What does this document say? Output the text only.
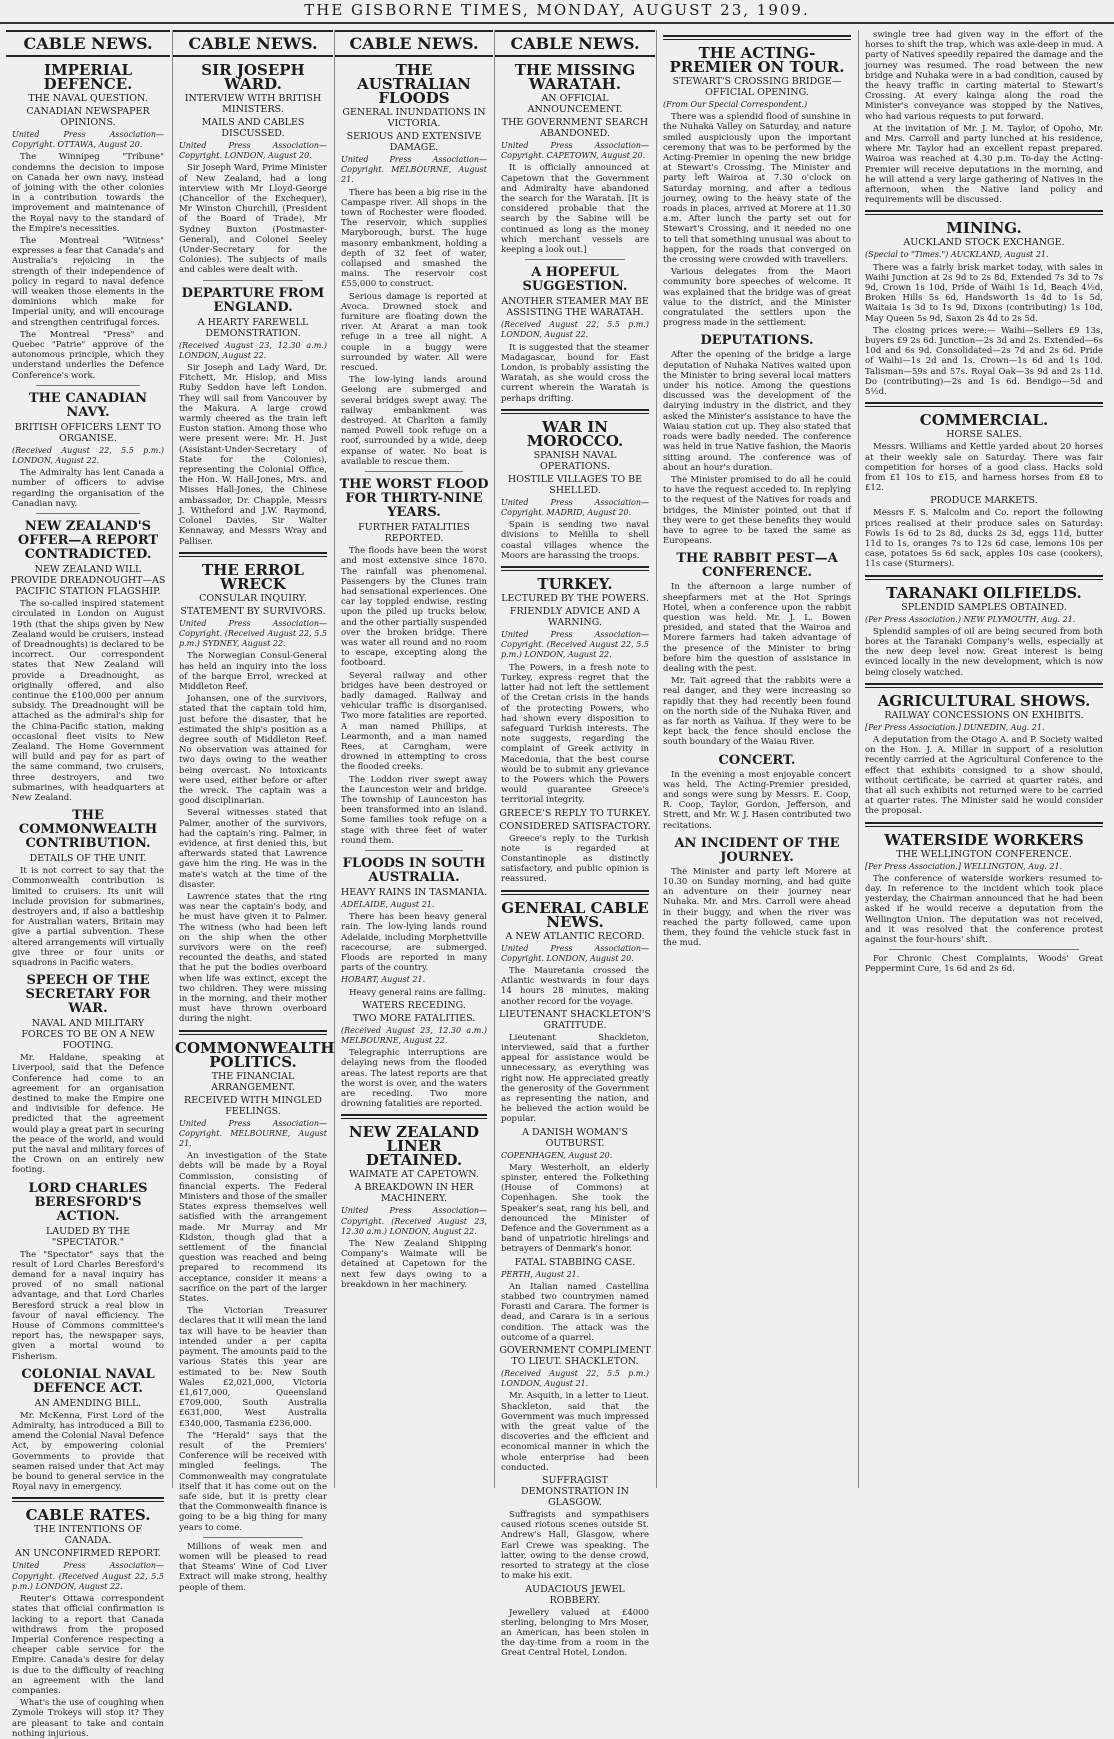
THE GISBORNE TIMES, MONDAY, AUGUST 23, 1909.
CABLE NEWS.
IMPERIAL DEFENCE.
THE NAVAL QUESTION.
CANADIAN NEWSPAPER OPINIONS.

United Press Association—Copyright. OTTAWA, August 20.

The Winnipeg "Tribune" condemns the decision to impose on Canada her own navy, instead of joining with the other colonies in a contribution towards the improvement and maintenance of the Royal navy to the standard of the Empire's necessities.

The Montreal "Witness" expresses a fear that Canada's and Australia's rejoicing in the strength of their independence of policy in regard to naval defence will weaken those elements in the dominions which make for Imperial unity, and will encourage and strengthen centrifugal forces.

The Montreal "Press" and Quebec "Patrie" approve of the autonomous principle, which they understand underlies the Defence Conference's work.

THE CANADIAN NAVY.
BRITISH OFFICERS LENT TO ORGANISE.

(Received August 22, 5.5 p.m.) LONDON, August 22.

The Admiralty has lent Canada a number of officers to advise regarding the organisation of the Canadian navy.

NEW ZEALAND'S OFFER—A REPORT CONTRADICTED.
NEW ZEALAND WILL PROVIDE DREADNOUGHT—AS PACIFIC STATION FLAGSHIP.

The so-called inspired statement circulated in London on August 19th (that the ships given by New Zealand would be cruisers, instead of Dreadnoughts) is declared to be incorrect. Our correspondent states that New Zealand will provide a Dreadnought, as originally offered, and also continue the £100,000 per annum subsidy. The Dreadnought will be attached as the admiral's ship for the China-Pacific station, making occasional fleet visits to New Zealand. The Home Government will build and pay for as part of the same command, two cruisers, three destroyers, and two submarines, with headquarters at New Zealand.

THE COMMONWEALTH CONTRIBUTION.
DETAILS OF THE UNIT.

It is not correct to say that the Commonwealth contribution is limited to cruisers. Its unit will include provision for submarines, destroyers and, if also a battleship for Australian waters, Britain may give a partial subvention. These altered arrangements will virtually give three or four units or squadrons in Pacific waters.

SPEECH OF THE SECRETARY FOR WAR.
NAVAL AND MILITARY FORCES TO BE ON A NEW FOOTING.

Mr. Haldane, speaking at Liverpool, said that the Defence Conference had come to an agreement for an organisation destined to make the Empire one and indivisible for defence. He predicted that the agreement would play a great part in securing the peace of the world, and would put the naval and military forces of the Crown on an entirely new footing.

LORD CHARLES BERESFORD'S ACTION.
LAUDED BY THE "SPECTATOR."

The "Spectator" says that the result of Lord Charles Beresford's demand for a naval inquiry has proved of no small national advantage, and that Lord Charles Beresford struck a real blow in favour of naval efficiency. The House of Commons committee's report has, the newspaper says, given a mortal wound to Fisherism.

COLONIAL NAVAL DEFENCE ACT.
AN AMENDING BILL.

Mr. McKenna, First Lord of the Admiralty, has introduced a Bill to amend the Colonial Naval Defence Act, by empowering colonial Governments to provide that seamen raised under that Act may be bound to general service in the Royal navy in emergency.

CABLE RATES.
THE INTENTIONS OF CANADA.
AN UNCONFIRMED REPORT.

United Press Association—Copyright. (Received August 22, 5.5 p.m.) LONDON, August 22.

Reuter's Ottawa correspondent states that official confirmation is lacking to a report that Canada withdraws from the proposed Imperial Conference respecting a cheaper cable service for the Empire. Canada's desire for delay is due to the difficulty of reaching an agreement with the land companies.

What's the use of coughing when Zymole Trokeys will stop it? They are pleasant to take and contain nothing injurious.

CABLE NEWS.
SIR JOSEPH WARD.
INTERVIEW WITH BRITISH MINISTERS.
MAILS AND CABLES DISCUSSED.

United Press Association—Copyright. LONDON, August 20.

Sir Joseph Ward, Prime Minister of New Zealand, had a long interview with Mr Lloyd-George (Chancellor of the Exchequer), Mr Winston Churchill, (President of the Board of Trade), Mr Sydney Buxton (Postmaster-General), and Colonel Seeley (Under-Secretary for the Colonies). The subjects of mails and cables were dealt with.

DEPARTURE FROM ENGLAND.
A HEARTY FAREWELL DEMONSTRATION.

(Received August 23, 12.30 a.m.) LONDON, August 22.

Sir Joseph and Lady Ward, Dr. Fitchett, Mr. Hislop, and Miss Ruby Seddon have left London. They will sail from Vancouver by the Makura. A large crowd warmly cheered as the train left Euston station. Among those who were present were: Mr. H. Just (Assistant-Under-Secretary of State for the Colonies), representing the Colonial Office, the Hon. W. Hall-Jones, Mrs. and Misses Hall-Jones, the Chinese ambassador, Dr. Chapple, Messrs J. Witheford and J.W. Raymond, Colonel Davies, Sir Walter Kennaway, and Messrs Wray and Palliser.

THE ERROL WRECK
CONSULAR INQUIRY.
STATEMENT BY SURVIVORS.

United Press Association—Copyright. (Received August 22, 5.5 p.m.) SYDNEY, August 22.

The Norwegian Consul-General has held an inquiry into the loss of the barque Errol, wrecked at Middleton Reef.

Johansen, one of the survivors, stated that the captain told him, just before the disaster, that he estimated the ship's position as a degree south of Middleton Reef. No observation was attained for two days owing to the weather being overcast. No intoxicants were used, either before or after the wreck. The captain was a good disciplinarian.

Several witnesses stated that Palmer, another of the survivors, had the captain's ring. Palmer, in evidence, at first denied this, but afterwards stated that Lawrence gave him the ring. He was in the mate's watch at the time of the disaster.

Lawrence states that the ring was near the captain's body, and he must have given it to Palmer. The witness (who had been left on the ship when the other survivors were on the reef) recounted the deaths, and stated that he put the bodies overboard when life was extinct, except the two children. They were missing in the morning, and their mother must have thrown overboard during the night.

COMMONWEALTH POLITICS.
THE FINANCIAL ARRANGEMENT.
RECEIVED WITH MINGLED FEELINGS.

United Press Association—Copyright. MELBOURNE, August 21.

An investigation of the State debts will be made by a Royal Commission, consisting of financial experts. The Federal Ministers and those of the smaller States express themselves well satisfied with the arrangement made. Mr Murray and Mr Kidston, though glad that a settlement of the financial question was reached and being prepared to recommend its acceptance, consider it means a sacrifice on the part of the larger States.

The Victorian Treasurer declares that it will mean the land tax will have to be heavier than intended under a per capita payment. The amounts paid to the various States this year are estimated to be: New South Wales £2,021,000, Victoria £1,617,000, Queensland £709,000, South Australia £631,000, West Australia £340,000, Tasmania £236,000.

The "Herald" says that the result of the Premiers' Conference will be received with mingled feelings. The Commonwealth may congratulate itself that it has come out on the safe side, but it is pretty clear that the Commonwealth finance is going to be a big thing for many years to come.

Millions of weak men and women will be pleased to read that Steams' Wine of Cod Liver Extract will make strong, healthy people of them.

CABLE NEWS.
THE AUSTRALIAN FLOODS
GENERAL INUNDATIONS IN VICTORIA.
SERIOUS AND EXTENSIVE DAMAGE.

United Press Association—Copyright. MELBOURNE, August 21.

There has been a big rise in the Campaspe river. All shops in the town of Rochester were flooded. The reservoir, which supplies Maryborough, burst. The huge masonry embankment, holding a depth of 32 feet of water, collapsed and smashed the mains. The reservoir cost £55,000 to construct.

Serious damage is reported at Avoca. Drowned stock and furniture are floating down the river. At Ararat a man took refuge in a tree all night. A couple in a buggy were surrounded by water. All were rescued.

The low-lying lands around Geelong are submerged and several bridges swept away. The railway embankment was destroyed. At Charlton a family named Powell took refuge on a roof, surrounded by a wide, deep expanse of water. No boat is available to rescue them.

THE WORST FLOOD FOR THIRTY-NINE YEARS.
FURTHER FATALITIES REPORTED.

The floods have been the worst and most extensive since 1870. The rainfall was phenomenal. Passengers by the Clunes train had sensational experiences. One car lay toppled endwise, resting upon the piled up trucks below, and the other partially suspended over the broken bridge. There was water all round and no room to escape, excepting along the footboard.

Several railway and other bridges have been destroyed or badly damaged. Railway and vehicular traffic is disorganised. Two more fatalities are reported. A man named Phillips, at Learmonth, and a man named Rees, at Carngham, were drowned in attempting to cross the flooded creeks.

The Loddon river swept away the Launceston weir and bridge. The township of Launceston has been transformed into an island. Some families took refuge on a stage with three feet of water round them.

FLOODS IN SOUTH AUSTRALIA.
HEAVY RAINS IN TASMANIA.

ADELAIDE, August 21.

There has been heavy general rain. The low-lying lands round Adelaide, including Morphettville racecourse, are submerged. Floods are reported in many parts of the country.

HOBART, August 21.

Heavy general rains are falling.

WATERS RECEDING.
TWO MORE FATALITIES.

(Received August 23, 12.30 a.m.) MELBOURNE, August 22.

Telegraphic interruptions are delaying news from the flooded areas. The latest reports are that the worst is over, and the waters are receding. Two more drowning fatalities are reported.

NEW ZEALAND LINER DETAINED.
WAIMATE AT CAPETOWN.
A BREAKDOWN IN HER MACHINERY.

United Press Association—Copyright. (Received August 23, 12.30 a.m.) LONDON, August 22.

The New Zealand Shipping Company's Waimate will be detained at Capetown for the next few days owing to a breakdown in her machinery.

CABLE NEWS.
THE MISSING WARATAH.
AN OFFICIAL ANNOUNCEMENT.
THE GOVERNMENT SEARCH ABANDONED.

United Press Association—Copyright. CAPETOWN, August 20.

It is officially announced at Capetown that the Government and Admiralty have abandoned the search for the Waratah. [It is considered probable that the search by the Sabine will be continued as long as the money which merchant vessels are keeping a look out.]

A HOPEFUL SUGGESTION.
ANOTHER STEAMER MAY BE ASSISTING THE WARATAH.

(Received August 22, 5.5 p.m.) LONDON, August 22.

It is suggested that the steamer Madagascar, bound for East London, is probably assisting the Waratah, as she would cross the current wherein the Waratah is perhaps drifting.

WAR IN MOROCCO.
SPANISH NAVAL OPERATIONS.
HOSTILE VILLAGES TO BE SHELLED.

United Press Association—Copyright. MADRID, August 20.

Spain is sending two naval divisions to Melilla to shell coastal villages whence the Moors are harassing the troops.

TURKEY.
LECTURED BY THE POWERS.
FRIENDLY ADVICE AND A WARNING.

United Press Association—Copyright. (Received August 22, 5.5 p.m.) LONDON, August 22.

The Powers, in a fresh note to Turkey, express regret that the latter had not left the settlement of the Cretan crisis in the hands of the protecting Powers, who had shown every disposition to safeguard Turkish interests. The note suggests, regarding the complaint of Greek activity in Macedonia, that the best course would be to submit any grievance to the Powers which the Powers would guarantee Greece's territorial integrity.

GREECE'S REPLY TO TURKEY.
CONSIDERED SATISFACTORY.

Greece's reply to the Turkish note is regarded at Constantinople as distinctly satisfactory, and public opinion is reassured.

GENERAL CABLE NEWS.
A NEW ATLANTIC RECORD.

United Press Association—Copyright. LONDON, August 20.

The Mauretania crossed the Atlantic westwards in four days 14 hours 28 minutes, making another record for the voyage.

LIEUTENANT SHACKLETON'S GRATITUDE.

Lieutenant Shackleton, interviewed, said that a further appeal for assistance would be unnecessary, as everything was right now. He appreciated greatly the generosity of the Government as representing the nation, and he believed the action would be popular.

A DANISH WOMAN'S OUTBURST.

COPENHAGEN, August 20.

Mary Westerholt, an elderly spinster, entered the Folkething (House of Commons) at Copenhagen. She took the Speaker's seat, rang his bell, and denounced the Minister of Defence and the Government as a band of unpatriotic hirelings and betrayers of Denmark's honor.

FATAL STABBING CASE.

PERTH, August 21.

An Italian named Castellina stabbed two countrymen named Forasti and Carara. The former is dead, and Carara is in a serious condition. The attack was the outcome of a quarrel.

GOVERNMENT COMPLIMENT TO LIEUT. SHACKLETON.

(Received August 22, 5.5 p.m.) LONDON, August 21.

Mr. Asquith, in a letter to Lieut. Shackleton, said that the Government was much impressed with the great value of the discoveries and the efficient and economical manner in which the whole enterprise had been conducted.

SUFFRAGIST DEMONSTRATION IN GLASGOW.

Suffragists and sympathisers caused riotous scenes outside St. Andrew's Hall, Glasgow, where Earl Crewe was speaking. The latter, owing to the dense crowd, resorted to strategy at the close to make his exit.

AUDACIOUS JEWEL ROBBERY.

Jewellery valued at £4000 sterling, belonging to Mrs Moser, an American, has been stolen in the day-time from a room in the Great Central Hotel, London.

THE ACTING-PREMIER ON TOUR.
STEWART'S CROSSING BRIDGE—OFFICIAL OPENING.

(From Our Special Correspondent.)

There was a splendid flood of sunshine in the Nuhaka Valley on Saturday, and nature smiled auspiciously upon the important ceremony that was to be performed by the Acting-Premier in opening the new bridge at Stewart's Crossing. The Minister and party left Wairoa at 7.30 o'clock on Saturday morning, and after a tedious journey, owing to the heavy state of the roads in places, arrived at Morere at 11.30 a.m. After lunch the party set out for Stewart's Crossing, and it needed no one to tell that something unusual was about to happen, for the roads that converged on the crossing were crowded with travellers.

Various delegates from the Maori community bore speeches of welcome. It was explained that the bridge was of great value to the district, and the Minister congratulated the settlers upon the progress made in the settlement.

DEPUTATIONS.

After the opening of the bridge a large deputation of Nuhaka Natives waited upon the Minister to bring several local matters under his notice. Among the questions discussed was the development of the dairying industry in the district, and they asked the Minister's assistance to have the Waiau station cut up. They also stated that roads were badly needed. The conference was held in true Native fashion, the Maoris sitting around. The conference was of about an hour's duration.

The Minister promised to do all he could to have the request acceded to. In replying to the request of the Natives for roads and bridges, the Minister pointed out that if they were to get these benefits they would have to agree to be taxed the same as Europeans.

THE RABBIT PEST—A CONFERENCE.

In the afternoon a large number of sheepfarmers met at the Hot Springs Hotel, when a conference upon the rabbit question was held. Mr. J. L. Bowen presided, and stated that the Wairoa and Morere farmers had taken advantage of the presence of the Minister to bring before him the question of assistance in dealing with the pest.

Mr. Tait agreed that the rabbits were a real danger, and they were increasing so rapidly that they had recently been found on the north side of the Nuhaka River, and as far north as Vaihua. If they were to be kept back the fence should enclose the south boundary of the Waiau River.

CONCERT.

In the evening a most enjoyable concert was held. The Acting-Premier presided, and songs were sung by Messrs. E. Coop, R. Coop, Taylor, Gordon, Jefferson, and Strett, and Mr. W. J. Hasen contributed two recitations.

AN INCIDENT OF THE JOURNEY.

The Minister and party left Morere at 10.30 on Sunday morning, and had quite an adventure on their journey near Nuhaka. Mr. and Mrs. Carroll were ahead in their buggy, and when the river was reached the party followed, came upon them, they found the vehicle stuck fast in the mud.

swingle tree had given way in the effort of the horses to shift the trap, which was axle-deep in mud. A party of Natives speedily repaired the damage and the journey was resumed. The road between the new bridge and Nuhaka were in a bad condition, caused by the heavy traffic in carting material to Stewart's Crossing. At every kainga along the road the Minister's conveyance was stopped by the Natives, who had various requests to put forward.

At the invitation of Mr. J. M. Taylor, of Opoho, Mr. and Mrs. Carroll and party lunched at his residence, where Mr. Taylor had an excellent repast prepared. Wairoa was reached at 4.30 p.m. To-day the Acting-Premier will receive deputations in the morning, and he will attend a very large gathering of Natives in the afternoon, when the Native land policy and requirements will be discussed.

MINING.
AUCKLAND STOCK EXCHANGE.

(Special to "Times.") AUCKLAND, August 21.

There was a fairly brisk market today, with sales in Waihi Junction at 2s 9d to 2s 8d, Extended 7s 3d to 7s 9d, Crown 1s 10d, Pride of Waihi 1s 1d, Beach 4½d, Broken Hills 5s 6d, Handsworth 1s 4d to 1s 5d, Waitaia 1s 3d to 1s 9d, Dixons (contributing) 1s 10d, May Queen 5s 9d, Saxon 2s 4d to 2s 5d.

The closing prices were:— Waihi—Sellers £9 13s, buyers £9 2s 6d. Junction—2s 3d and 2s. Extended—6s 10d and 6s 9d. Consolidated—2s 7d and 2s 6d. Pride of Waihi—1s 2d and 1s. Crown—1s 6d and 1s 10d. Talisman—59s and 57s. Royal Oak—3s 9d and 2s 11d. Do (contributing)—2s and 1s 6d. Bendigo—5d and 5½d.

COMMERCIAL.
HORSE SALES.

Messrs. Williams and Kettle yarded about 20 horses at their weekly sale on Saturday. There was fair competition for horses of a good class. Hacks sold from £1 10s to £15, and harness horses from £8 to £12.

PRODUCE MARKETS.

Messrs F. S. Malcolm and Co. report the following prices realised at their produce sales on Saturday: Fowls 1s 6d to 2s 8d, ducks 2s 3d, eggs 11d, butter 11d to 1s, oranges 7s to 12s 6d case, lemons 10s per case, potatoes 5s 6d sack, apples 10s case (cookers), 11s case (Sturmers).

TARANAKI OILFIELDS.
SPLENDID SAMPLES OBTAINED.

(Per Press Association.) NEW PLYMOUTH, Aug. 21.

Splendid samples of oil are being secured from both bores at the Taranaki Company's wells, especially at the new deep level now. Great interest is being evinced locally in the new development, which is now being closely watched.

AGRICULTURAL SHOWS.
RAILWAY CONCESSIONS ON EXHIBITS.

[Per Press Association.] DUNEDIN, Aug. 21.

A deputation from the Otago A. and P. Society waited on the Hon. J. A. Millar in support of a resolution recently carried at the Agricultural Conference to the effect that exhibits consigned to a show should, without certificate, be carried at quarter rates, and that all such exhibits not returned were to be carried at quarter rates. The Minister said he would consider the proposal.

WATERSIDE WORKERS
THE WELLINGTON CONFERENCE.

[Per Press Association.] WELLINGTON, Aug. 21.

The conference of waterside workers resumed to-day. In reference to the incident which took place yesterday, the Chairman announced that he had been asked if he would receive a deputation from the Wellington Union. The deputation was not received, and it was resolved that the conference protest against the four-hours' shift.

For Chronic Chest Complaints, Woods' Great Peppermint Cure, 1s 6d and 2s 6d.
